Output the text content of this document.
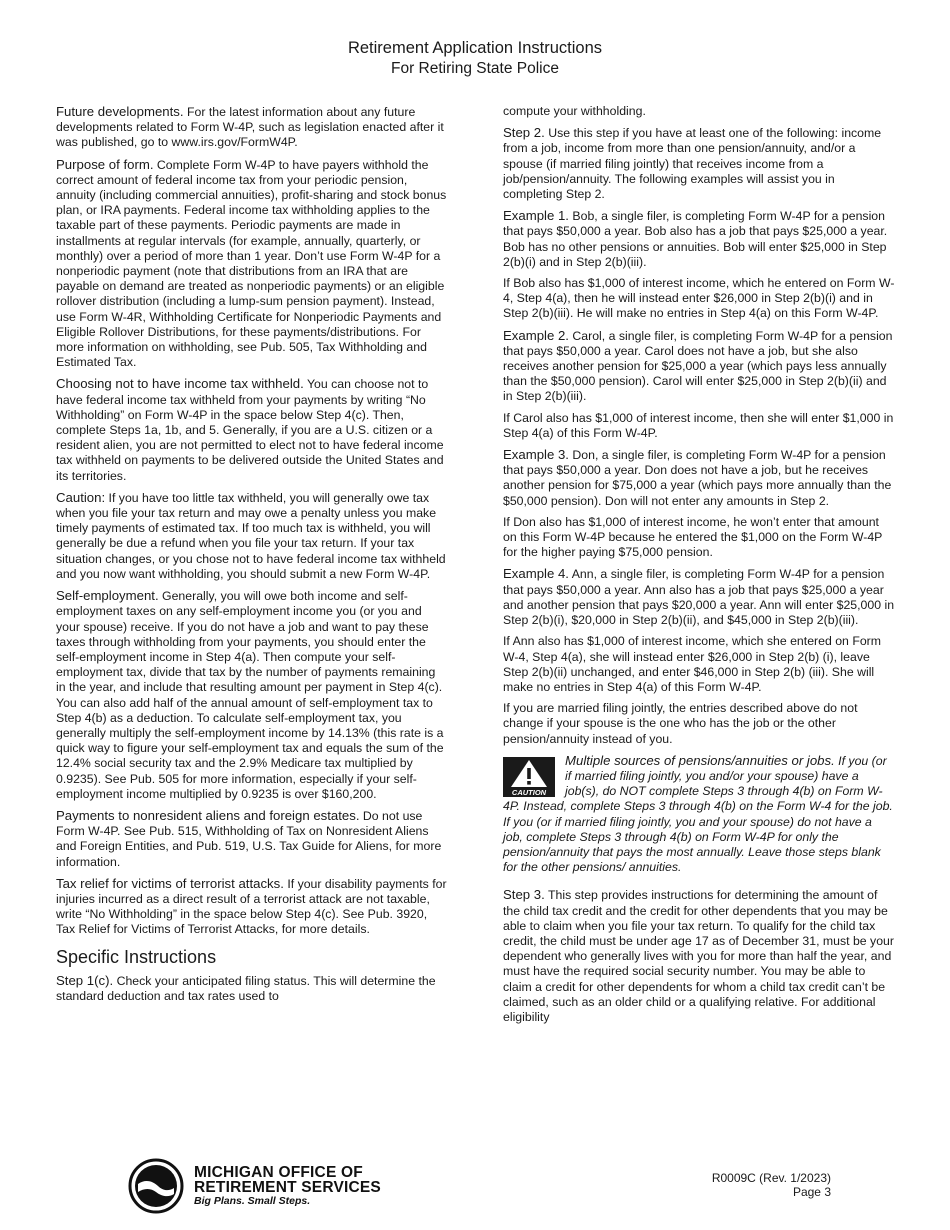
Retirement Application Instructions
For Retiring State Police

Future developments. For the latest information about any future developments related to Form W-4P, such as legislation enacted after it was published, go to www.irs.gov/FormW4P.

Purpose of form. Complete Form W-4P to have payers withhold the correct amount of federal income tax from your periodic pension, annuity (including commercial annuities), profit-sharing and stock bonus plan, or IRA payments. Federal income tax withholding applies to the taxable part of these payments. Periodic payments are made in installments at regular intervals (for example, annually, quarterly, or monthly) over a period of more than 1 year. Don’t use Form W-4P for a nonperiodic payment (note that distributions from an IRA that are payable on demand are treated as nonperiodic payments) or an eligible rollover distribution (including a lump-sum pension payment). Instead, use Form W-4R, Withholding Certificate for Nonperiodic Payments and Eligible Rollover Distributions, for these payments/distributions. For more information on withholding, see Pub. 505, Tax Withholding and Estimated Tax.

Choosing not to have income tax withheld. You can choose not to have federal income tax withheld from your payments by writing “No Withholding” on Form W-4P in the space below Step 4(c). Then, complete Steps 1a, 1b, and 5. Generally, if you are a U.S. citizen or a resident alien, you are not permitted to elect not to have federal income tax withheld on payments to be delivered outside the United States and its territories.

Caution: If you have too little tax withheld, you will generally owe tax when you file your tax return and may owe a penalty unless you make timely payments of estimated tax. If too much tax is withheld, you will generally be due a refund when you file your tax return. If your tax situation changes, or you chose not to have federal income tax withheld and you now want withholding, you should submit a new Form W-4P.

Self-employment. Generally, you will owe both income and self-employment taxes on any self-employment income you (or you and your spouse) receive. If you do not have a job and want to pay these taxes through withholding from your payments, you should enter the self-employment income in Step 4(a). Then compute your self-employment tax, divide that tax by the number of payments remaining in the year, and include that resulting amount per payment in Step 4(c). You can also add half of the annual amount of self-employment tax to Step 4(b) as a deduction. To calculate self-employment tax, you generally multiply the self-employment income by 14.13% (this rate is a quick way to figure your self-employment tax and equals the sum of the 12.4% social security tax and the 2.9% Medicare tax multiplied by 0.9235). See Pub. 505 for more information, especially if your self-employment income multiplied by 0.9235 is over $160,200.

Payments to nonresident aliens and foreign estates. Do not use Form W-4P. See Pub. 515, Withholding of Tax on Nonresident Aliens and Foreign Entities, and Pub. 519, U.S. Tax Guide for Aliens, for more information.

Tax relief for victims of terrorist attacks. If your disability payments for injuries incurred as a direct result of a terrorist attack are not taxable, write “No Withholding” in the space below Step 4(c). See Pub. 3920, Tax Relief for Victims of Terrorist Attacks, for more details.

Specific Instructions

Step 1(c). Check your anticipated filing status. This will determine the standard deduction and tax rates used to

compute your withholding.

Step 2. Use this step if you have at least one of the following: income from a job, income from more than one pension/annuity, and/or a spouse (if married filing jointly) that receives income from a job/pension/annuity. The following examples will assist you in completing Step 2.

Example 1. Bob, a single filer, is completing Form W-4P for a pension that pays $50,000 a year. Bob also has a job that pays $25,000 a year. Bob has no other pensions or annuities. Bob will enter $25,000 in Step 2(b)(i) and in Step 2(b)(iii).

If Bob also has $1,000 of interest income, which he entered on Form W-4, Step 4(a), then he will instead enter $26,000 in Step 2(b)(i) and in Step 2(b)(iii). He will make no entries in Step 4(a) on this Form W-4P.

Example 2. Carol, a single filer, is completing Form W-4P for a pension that pays $50,000 a year. Carol does not have a job, but she also receives another pension for $25,000 a year (which pays less annually than the $50,000 pension). Carol will enter $25,000 in Step 2(b)(ii) and in Step 2(b)(iii).

If Carol also has $1,000 of interest income, then she will enter $1,000 in Step 4(a) of this Form W-4P.

Example 3. Don, a single filer, is completing Form W-4P for a pension that pays $50,000 a year. Don does not have a job, but he receives another pension for $75,000 a year (which pays more annually than the $50,000 pension). Don will not enter any amounts in Step 2.

If Don also has $1,000 of interest income, he won’t enter that amount on this Form W-4P because he entered the $1,000 on the Form W-4P for the higher paying $75,000 pension.

Example 4. Ann, a single filer, is completing Form W-4P for a pension that pays $50,000 a year. Ann also has a job that pays $25,000 a year and another pension that pays $20,000 a year. Ann will enter $25,000 in Step 2(b)(i), $20,000 in Step 2(b)(ii), and $45,000 in Step 2(b)(iii).

If Ann also has $1,000 of interest income, which she entered on Form W-4, Step 4(a), she will instead enter $26,000 in Step 2(b) (i), leave Step 2(b)(ii) unchanged, and enter $46,000 in Step 2(b) (iii). She will make no entries in Step 4(a) of this Form W-4P.

If you are married filing jointly, the entries described above do not change if your spouse is the one who has the job or the other pension/annuity instead of you.

CAUTION
Multiple sources of pensions/annuities or jobs. If you (or if married filing jointly, you and/or your spouse) have a job(s), do NOT complete Steps 3 through 4(b) on Form W-4P. Instead, complete Steps 3 through 4(b) on the Form W-4 for the job. If you (or if married filing jointly, you and your spouse) do not have a job, complete Steps 3 through 4(b) on Form W-4P for only the pension/annuity that pays the most annually. Leave those steps blank for the other pensions/ annuities.

Step 3. This step provides instructions for determining the amount of the child tax credit and the credit for other dependents that you may be able to claim when you file your tax return. To qualify for the child tax credit, the child must be under age 17 as of December 31, must be your dependent who generally lives with you for more than half the year, and must have the required social security number. You may be able to claim a credit for other dependents for whom a child tax credit can’t be claimed, such as an older child or a qualifying relative. For additional eligibility

MICHIGAN OFFICE OF
RETIREMENT SERVICES
Big Plans. Small Steps.
R0009C (Rev. 1/2023)
Page 3
